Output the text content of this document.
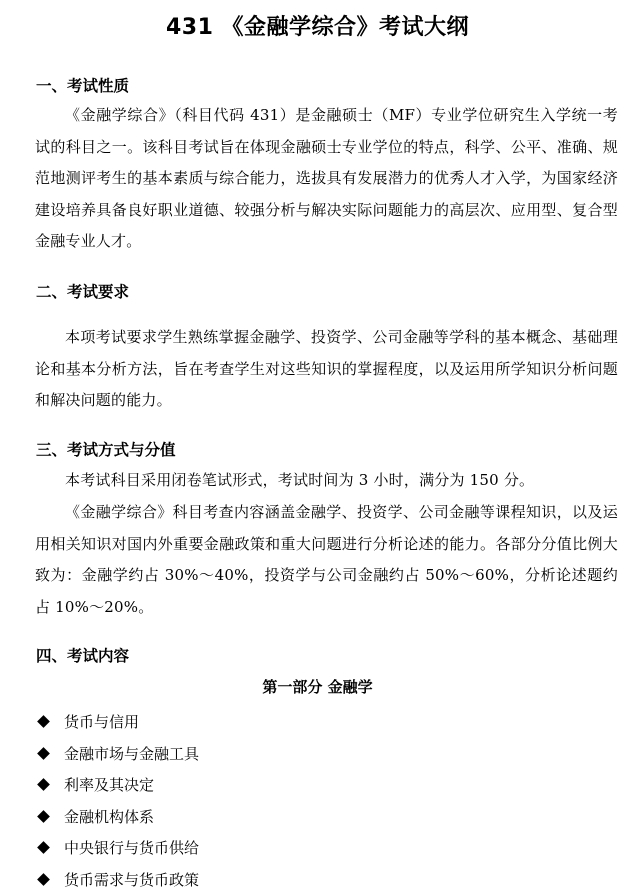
431 《金融学综合》考试大纲
一、考试性质
《金融学综合》（科目代码 431）是金融硕士（MF）专业学位研究生入学统一考试的科目之一。该科目考试旨在体现金融硕士专业学位的特点，科学、公平、准确、规范地测评考生的基本素质与综合能力，选拔具有发展潜力的优秀人才入学，为国家经济建设培养具备良好职业道德、较强分析与解决实际问题能力的高层次、应用型、复合型金融专业人才。
二、考试要求
本项考试要求学生熟练掌握金融学、投资学、公司金融等学科的基本概念、基础理论和基本分析方法，旨在考查学生对这些知识的掌握程度，以及运用所学知识分析问题和解决问题的能力。
三、考试方式与分值
本考试科目采用闭卷笔试形式，考试时间为 3 小时，满分为 150 分。
《金融学综合》科目考查内容涵盖金融学、投资学、公司金融等课程知识，以及运用相关知识对国内外重要金融政策和重大问题进行分析论述的能力。各部分分值比例大致为：金融学约占 30%～40%，投资学与公司金融约占 50%～60%，分析论述题约占 10%～20%。
四、考试内容
第一部分 金融学
货币与信用
金融市场与金融工具
利率及其决定
金融机构体系
中央银行与货币供给
货币需求与货币政策
